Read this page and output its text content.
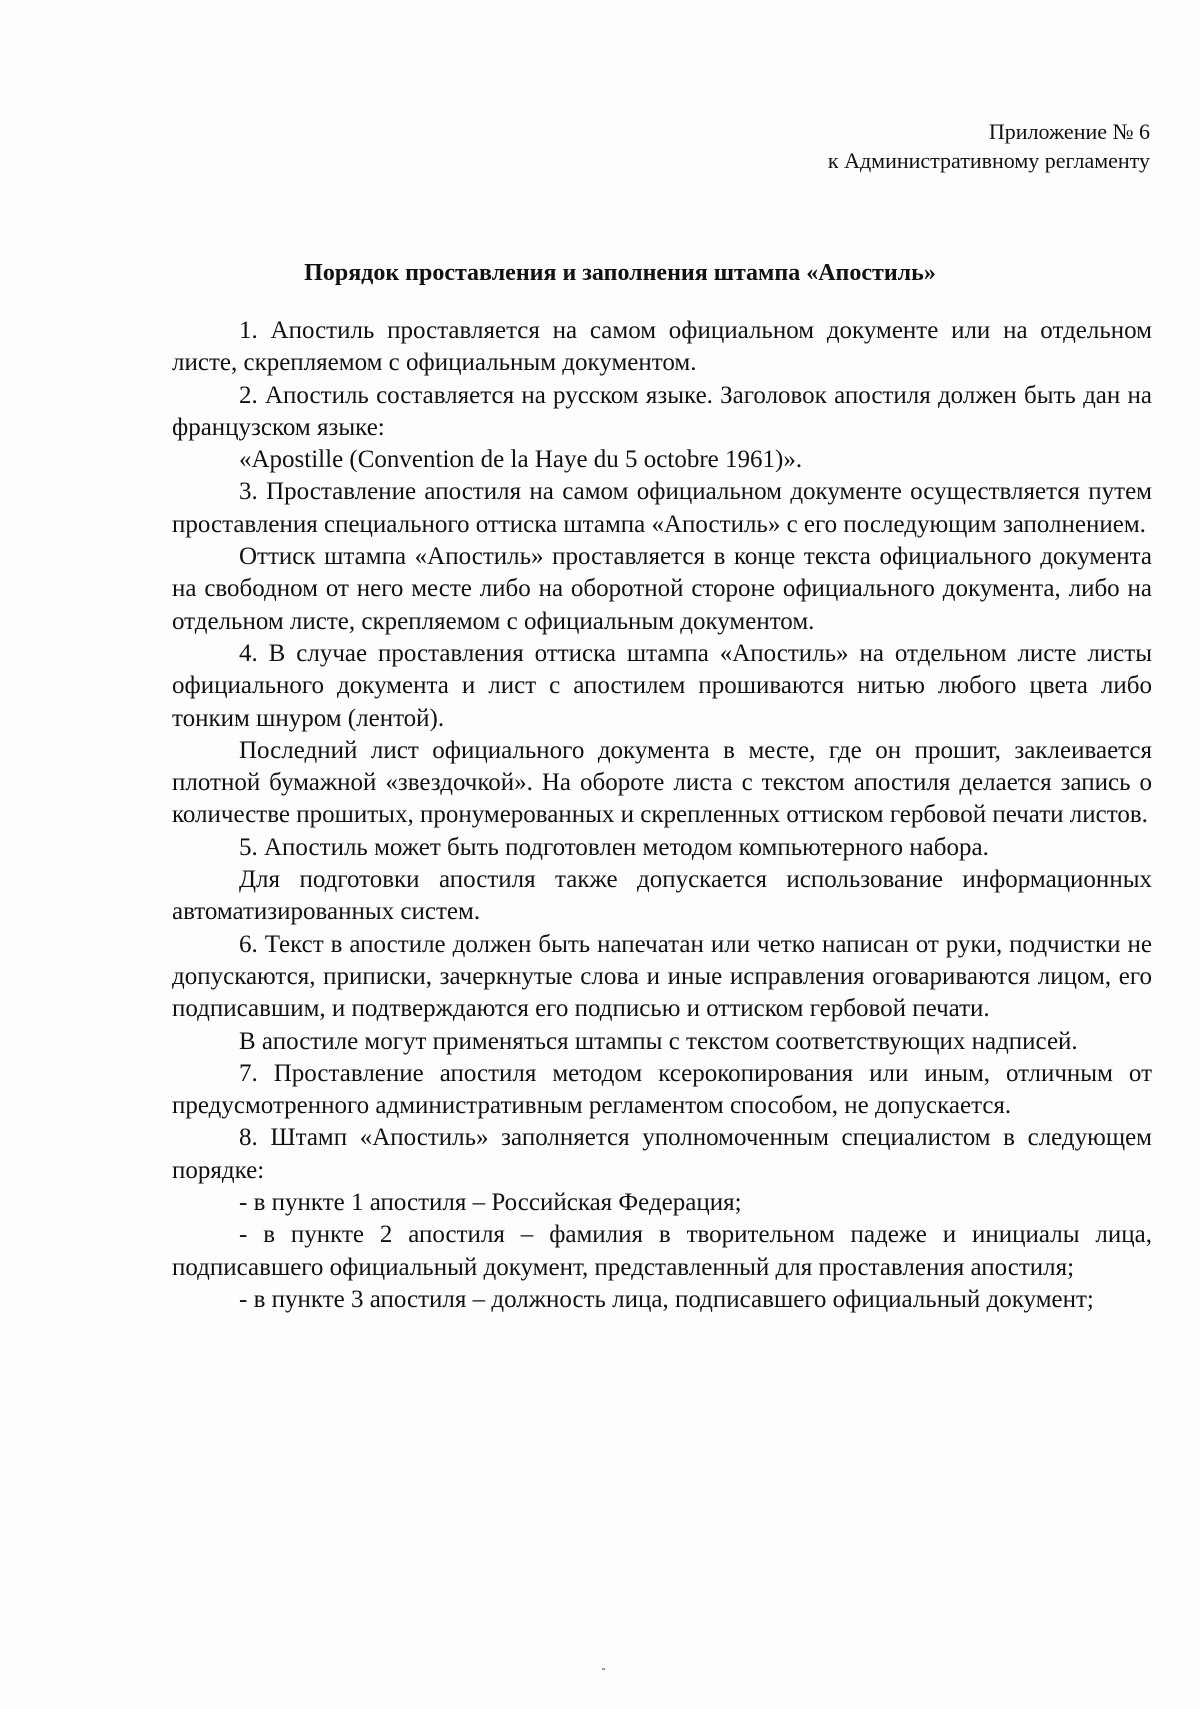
Приложение № 6
к Административному регламенту
Порядок проставления и заполнения штампа «Апостиль»

1. Апостиль проставляется на самом официальном документе или на отдельном листе, скрепляемом с официальным документом.

2. Апостиль составляется на русском языке. Заголовок апостиля должен быть дан на французском языке:

«Apostille (Convention de la Haye du 5 octobre 1961)».

3. Проставление апостиля на самом официальном документе осуществляется путем проставления специального оттиска штампа «Апостиль» с его последующим заполнением.

Оттиск штампа «Апостиль» проставляется в конце текста официального документа на свободном от него месте либо на оборотной стороне официального документа, либо на отдельном листе, скрепляемом с официальным документом.

4. В случае проставления оттиска штампа «Апостиль» на отдельном листе листы официального документа и лист с апостилем прошиваются нитью любого цвета либо тонким шнуром (лентой).

Последний лист официального документа в месте, где он прошит, заклеивается плотной бумажной «звездочкой». На обороте листа с текстом апостиля делается запись о количестве прошитых, пронумерованных и скрепленных оттиском гербовой печати листов.

5. Апостиль может быть подготовлен методом компьютерного набора.

Для подготовки апостиля также допускается использование информационных автоматизированных систем.

6. Текст в апостиле должен быть напечатан или четко написан от руки, подчистки не допускаются, приписки, зачеркнутые слова и иные исправления оговариваются лицом, его подписавшим, и подтверждаются его подписью и оттиском гербовой печати.

В апостиле могут применяться штампы с текстом соответствующих надписей.

7. Проставление апостиля методом ксерокопирования или иным, отличным от предусмотренного административным регламентом способом, не допускается.

8. Штамп «Апостиль» заполняется уполномоченным специалистом в следующем порядке:

- в пункте 1 апостиля – Российская Федерация;

- в пункте 2 апостиля – фамилия в творительном падеже и инициалы лица, подписавшего официальный документ, представленный для проставления апостиля;

- в пункте 3 апостиля – должность лица, подписавшего официальный документ;
